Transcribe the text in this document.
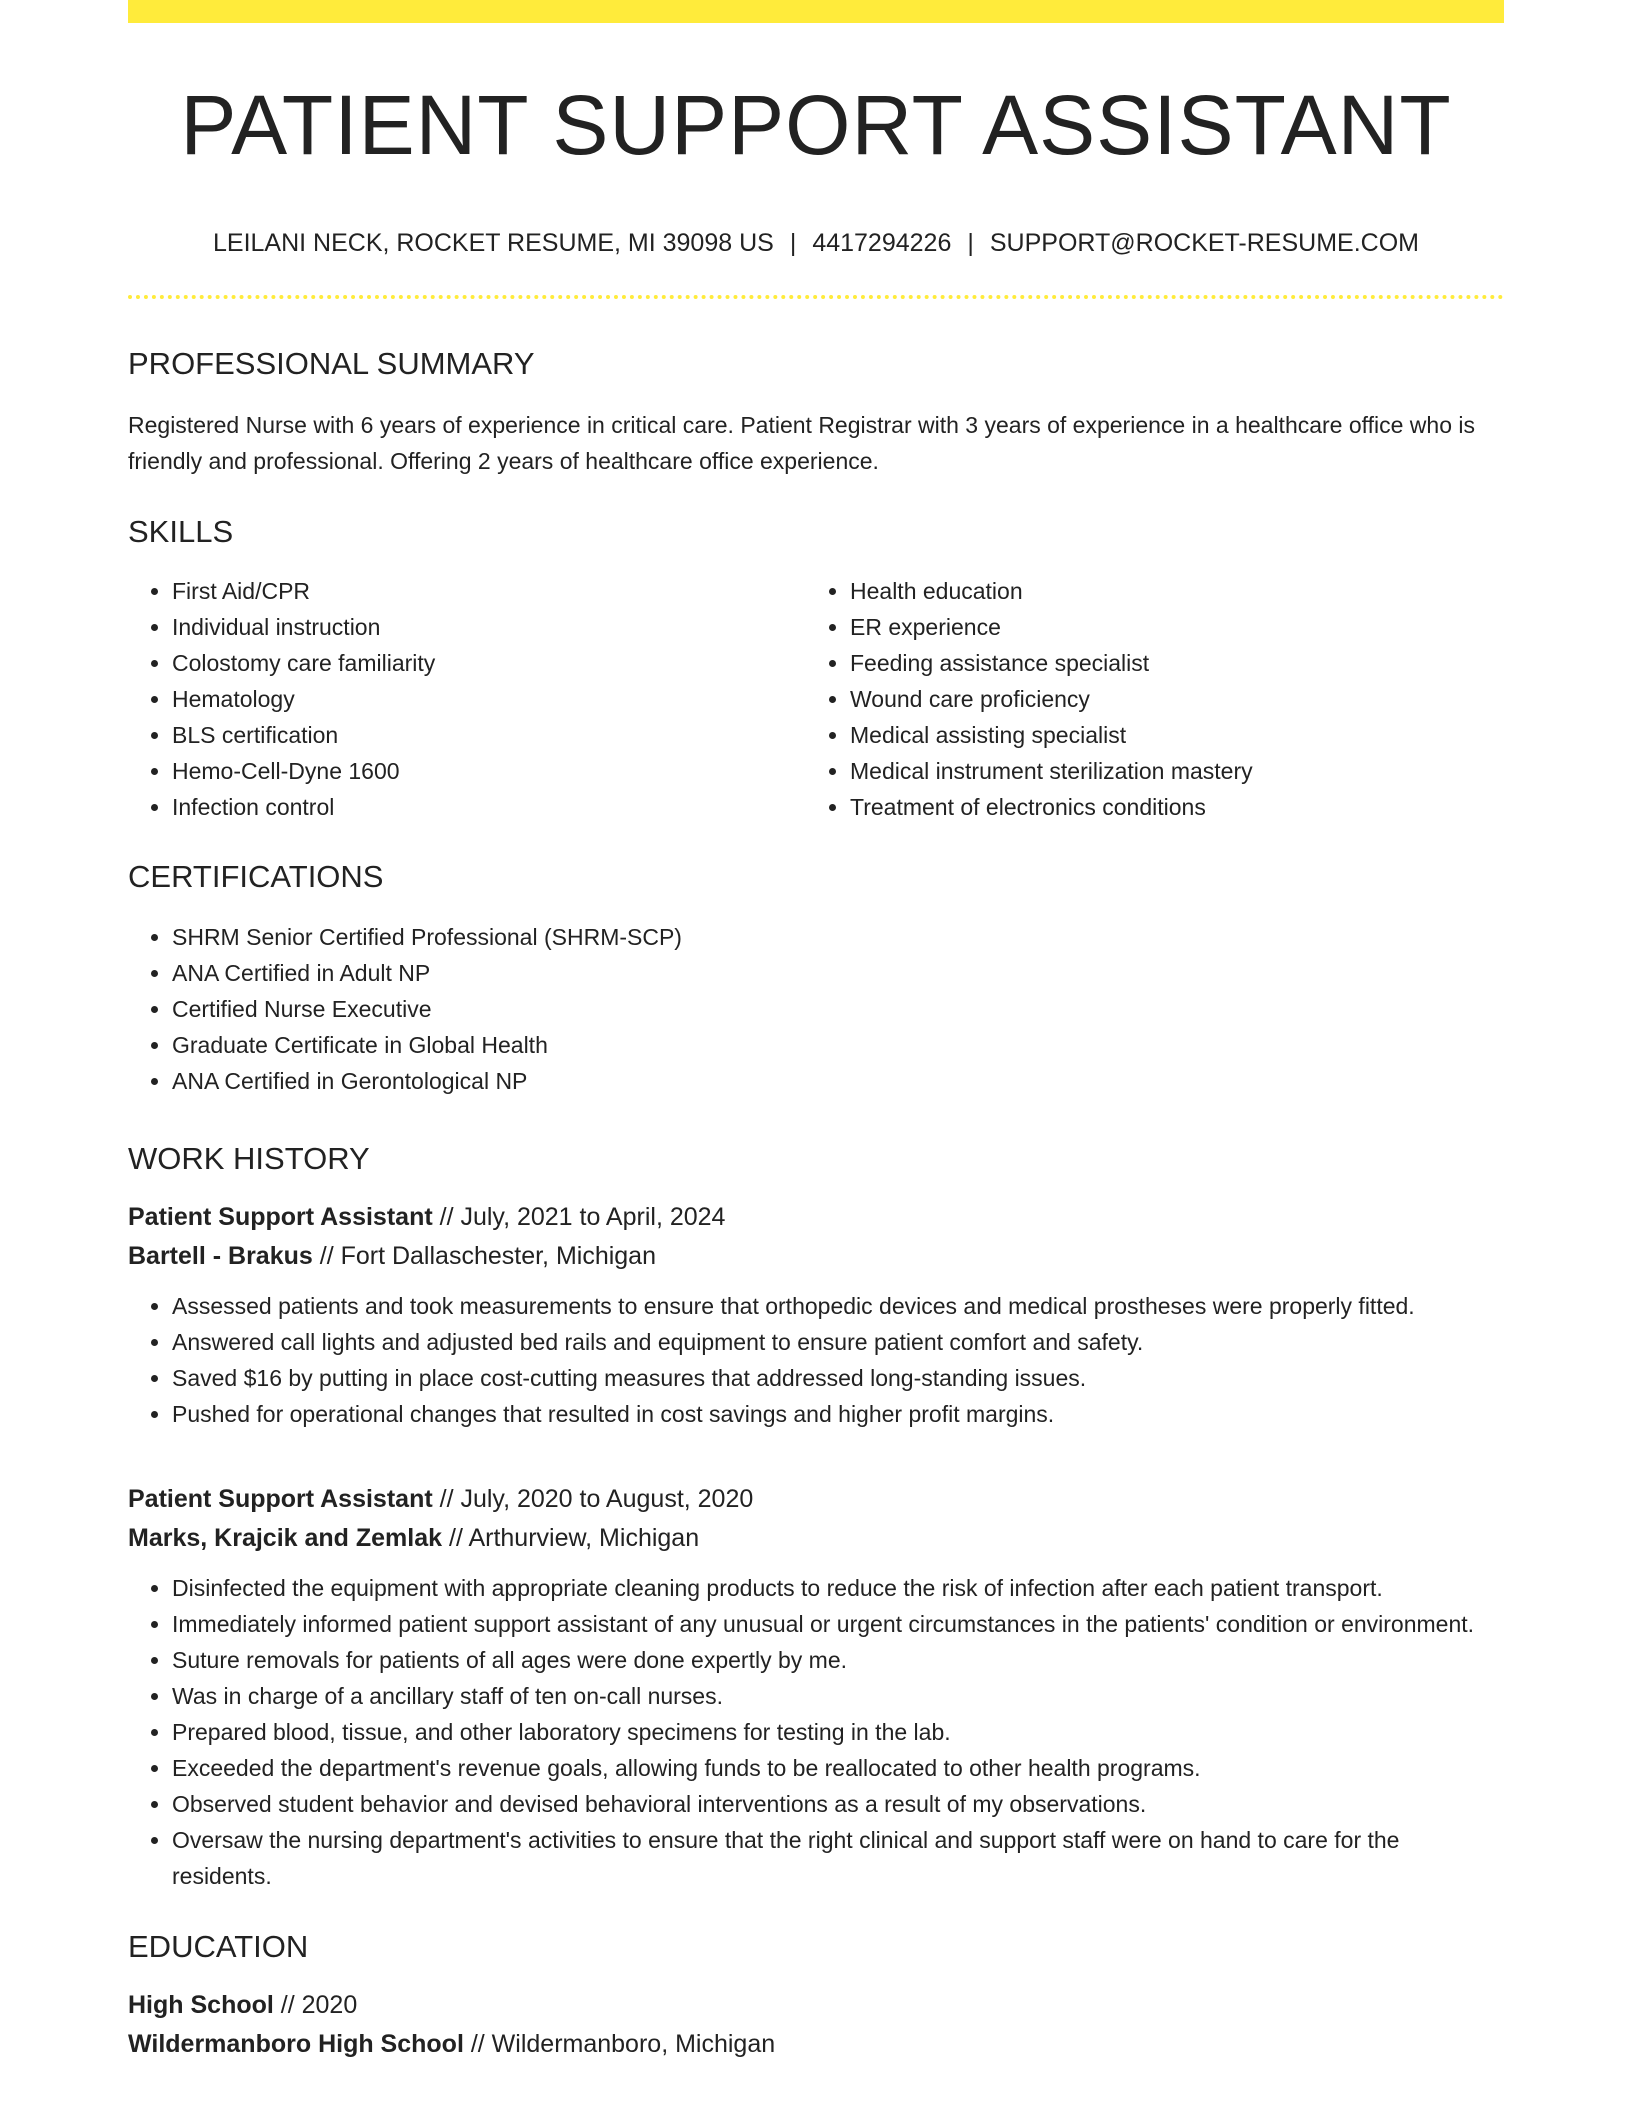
PATIENT SUPPORT ASSISTANT
LEILANI NECK, ROCKET RESUME, MI 39098 US | 4417294226 | SUPPORT@ROCKET-RESUME.COM
PROFESSIONAL SUMMARY
Registered Nurse with 6 years of experience in critical care. Patient Registrar with 3 years of experience in a healthcare office who is friendly and professional. Offering 2 years of healthcare office experience.
SKILLS
• First Aid/CPR
• Individual instruction
• Colostomy care familiarity
• Hematology
• BLS certification
• Hemo-Cell-Dyne 1600
• Infection control
• Health education
• ER experience
• Feeding assistance specialist
• Wound care proficiency
• Medical assisting specialist
• Medical instrument sterilization mastery
• Treatment of electronics conditions
CERTIFICATIONS
• SHRM Senior Certified Professional (SHRM-SCP)
• ANA Certified in Adult NP
• Certified Nurse Executive
• Graduate Certificate in Global Health
• ANA Certified in Gerontological NP
WORK HISTORY
Patient Support Assistant // July, 2021 to April, 2024
Bartell - Brakus // Fort Dallaschester, Michigan
• Assessed patients and took measurements to ensure that orthopedic devices and medical prostheses were properly fitted.
• Answered call lights and adjusted bed rails and equipment to ensure patient comfort and safety.
• Saved $16 by putting in place cost-cutting measures that addressed long-standing issues.
• Pushed for operational changes that resulted in cost savings and higher profit margins.
Patient Support Assistant // July, 2020 to August, 2020
Marks, Krajcik and Zemlak // Arthurview, Michigan
• Disinfected the equipment with appropriate cleaning products to reduce the risk of infection after each patient transport.
• Immediately informed patient support assistant of any unusual or urgent circumstances in the patients' condition or environment.
• Suture removals for patients of all ages were done expertly by me.
• Was in charge of a ancillary staff of ten on-call nurses.
• Prepared blood, tissue, and other laboratory specimens for testing in the lab.
• Exceeded the department's revenue goals, allowing funds to be reallocated to other health programs.
• Observed student behavior and devised behavioral interventions as a result of my observations.
• Oversaw the nursing department's activities to ensure that the right clinical and support staff were on hand to care for the residents.
EDUCATION
High School // 2020
Wildermanboro High School // Wildermanboro, Michigan
